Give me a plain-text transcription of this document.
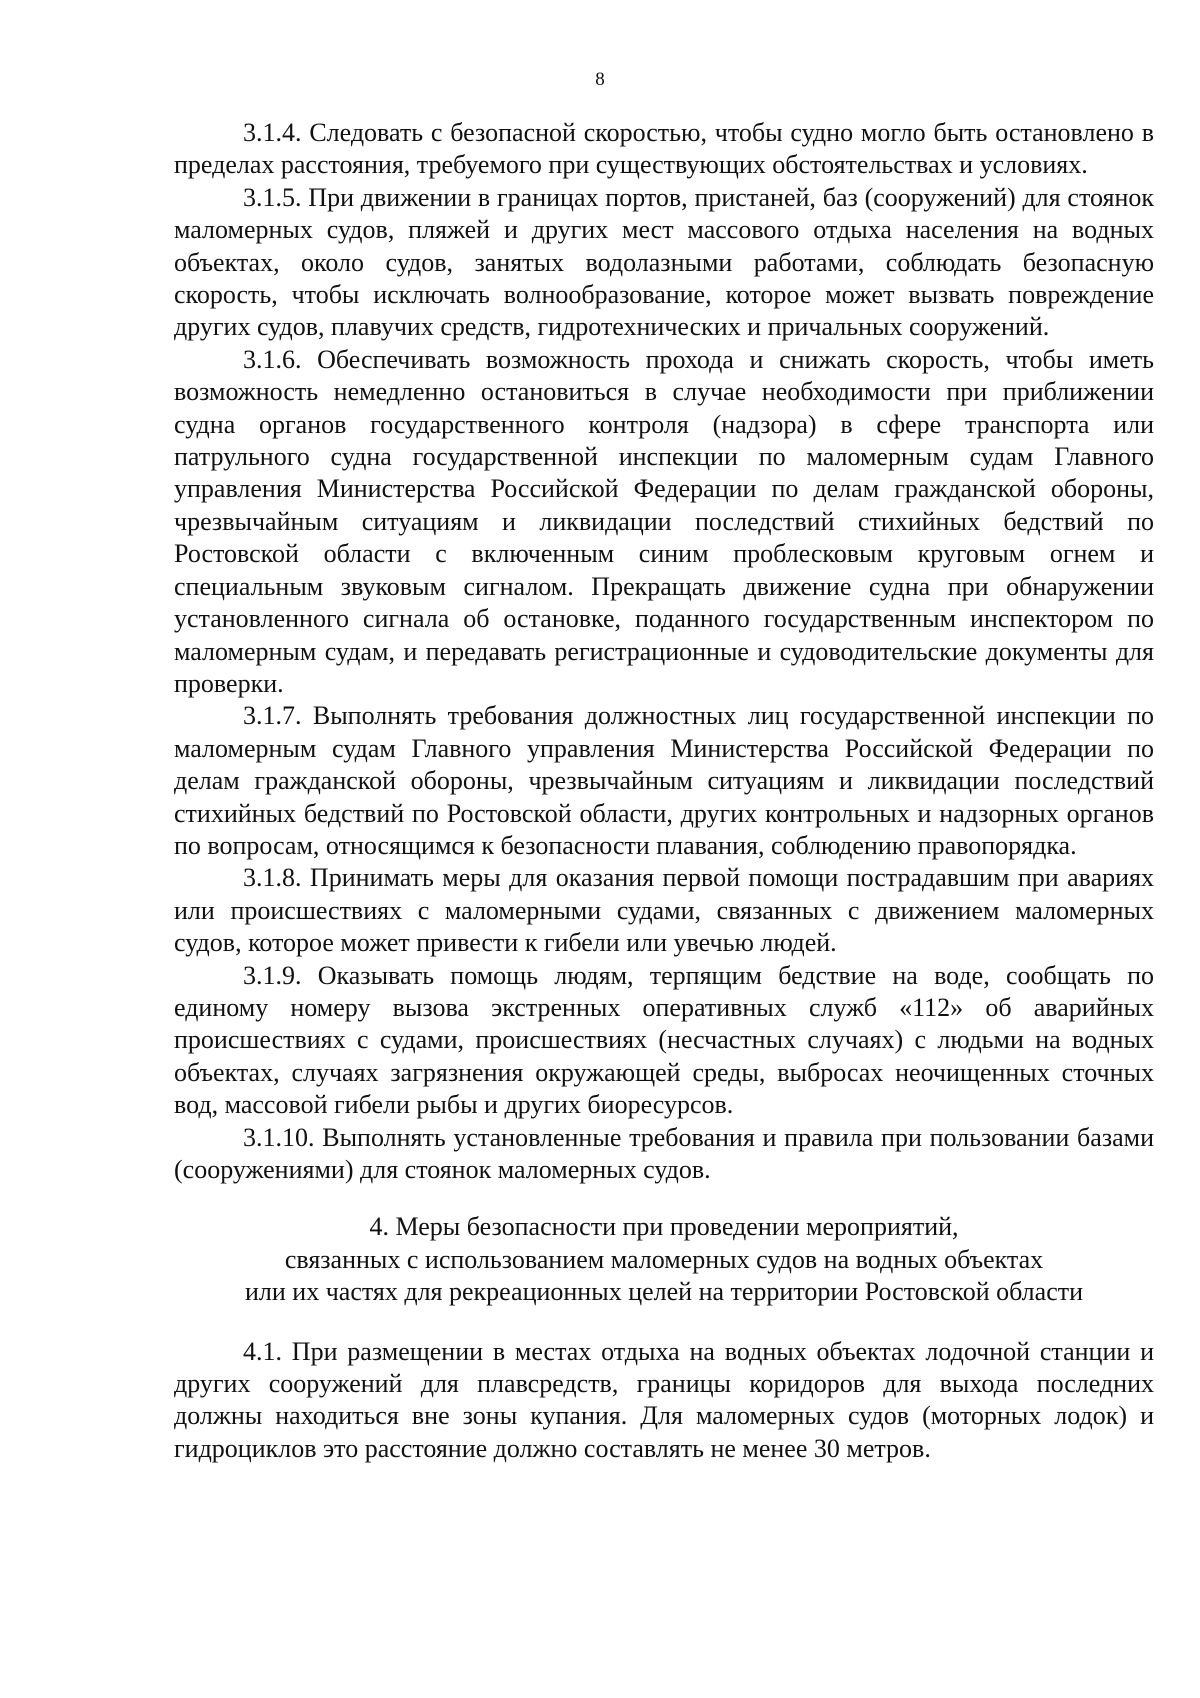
8

3.1.4. Следовать с безопасной скоростью, чтобы судно могло быть остановлено в пределах расстояния, требуемого при существующих обстоятельствах и условиях.

3.1.5. При движении в границах портов, пристаней, баз (сооружений) для стоянок маломерных судов, пляжей и других мест массового отдыха населения на водных объектах, около судов, занятых водолазными работами, соблюдать безопасную скорость, чтобы исключать волнообразование, которое может вызвать повреждение других судов, плавучих средств, гидротехнических и причальных сооружений.

3.1.6. Обеспечивать возможность прохода и снижать скорость, чтобы иметь возможность немедленно остановиться в случае необходимости при приближении судна органов государственного контроля (надзора) в сфере транспорта или патрульного судна государственной инспекции по маломерным судам Главного управления Министерства Российской Федерации по делам гражданской обороны, чрезвычайным ситуациям и ликвидации последствий стихийных бедствий по Ростовской области с включенным синим проблесковым круговым огнем и специальным звуковым сигналом. Прекращать движение судна при обнаружении установленного сигнала об остановке, поданного государственным инспектором по маломерным судам, и передавать регистрационные и судоводительские документы для проверки.

3.1.7. Выполнять требования должностных лиц государственной инспекции по маломерным судам Главного управления Министерства Российской Федерации по делам гражданской обороны, чрезвычайным ситуациям и ликвидации последствий стихийных бедствий по Ростовской области, других контрольных и надзорных органов по вопросам, относящимся к безопасности плавания, соблюдению правопорядка.

3.1.8. Принимать меры для оказания первой помощи пострадавшим при авариях или происшествиях с маломерными судами, связанных с движением маломерных судов, которое может привести к гибели или увечью людей.

3.1.9. Оказывать помощь людям, терпящим бедствие на воде, сообщать по единому номеру вызова экстренных оперативных служб «112» об аварийных происшествиях с судами, происшествиях (несчастных случаях) с людьми на водных объектах, случаях загрязнения окружающей среды, выбросах неочищенных сточных вод, массовой гибели рыбы и других биоресурсов.

3.1.10. Выполнять установленные требования и правила при пользовании базами (сооружениями) для стоянок маломерных судов.

4. Меры безопасности при проведении мероприятий,
связанных с использованием маломерных судов на водных объектах
или их частях для рекреационных целей на территории Ростовской области

4.1. При размещении в местах отдыха на водных объектах лодочной станции и других сооружений для плавсредств, границы коридоров для выхода последних должны находиться вне зоны купания. Для маломерных судов (моторных лодок) и гидроциклов это расстояние должно составлять не менее 30 метров.
